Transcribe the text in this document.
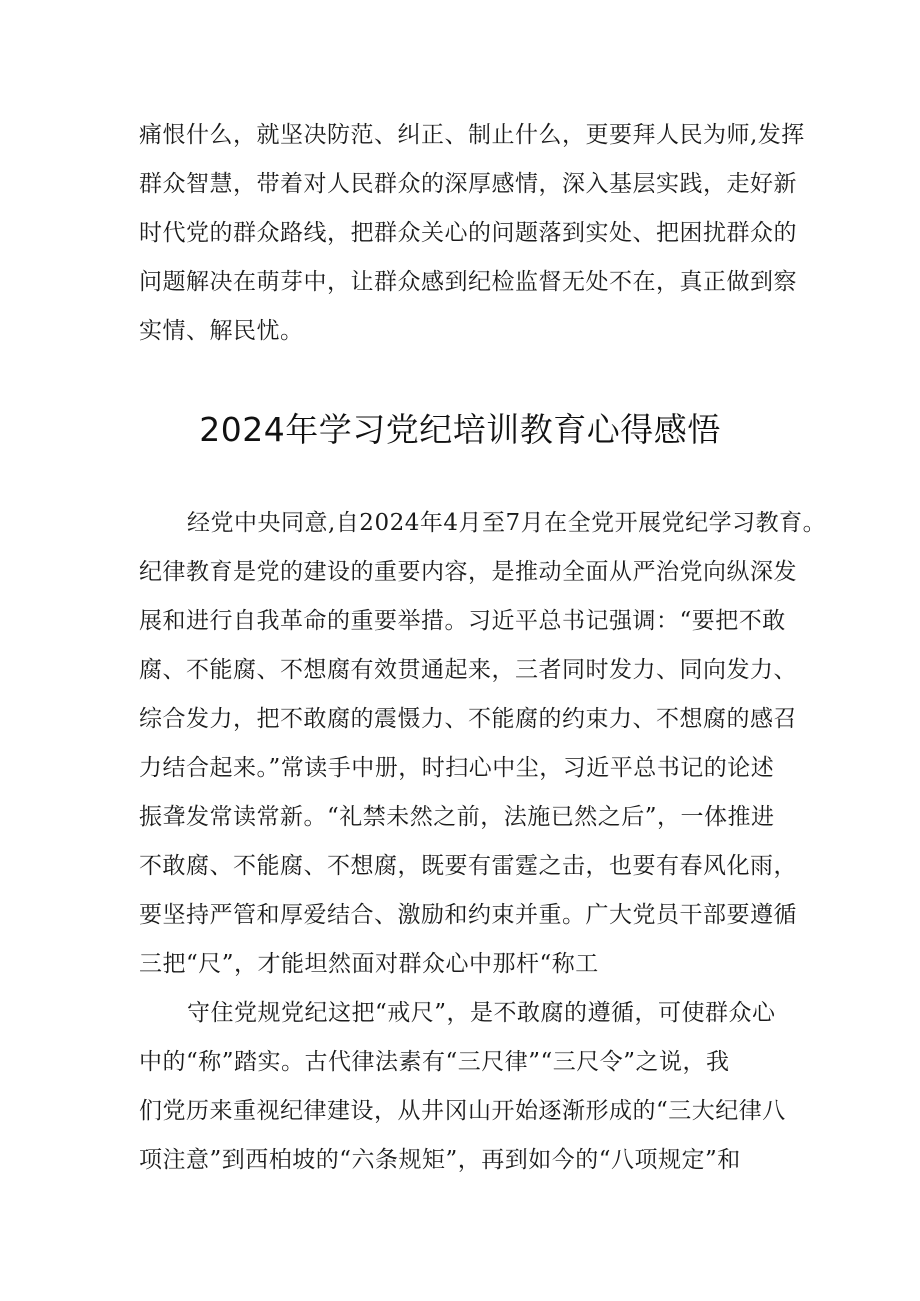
痛恨什么，就坚决防范、纠正、制止什么，更要拜人民为师,发挥
群众智慧，带着对人民群众的深厚感情，深入基层实践，走好新
时代党的群众路线，把群众关心的问题落到实处、把困扰群众的
问题解决在萌芽中，让群众感到纪检监督无处不在，真正做到察
实情、解民忧。

2024年学习党纪培训教育心得感悟

经党中央同意,自2024年4月至7月在全党开展党纪学习教育。
纪律教育是党的建设的重要内容，是推动全面从严治党向纵深发
展和进行自我革命的重要举措。习近平总书记强调：“要把不敢
腐、不能腐、不想腐有效贯通起来，三者同时发力、同向发力、
综合发力，把不敢腐的震慑力、不能腐的约束力、不想腐的感召
力结合起来。”常读手中册，时扫心中尘，习近平总书记的论述
振聋发常读常新。“礼禁未然之前，法施已然之后”，一体推进
不敢腐、不能腐、不想腐，既要有雷霆之击，也要有春风化雨，
要坚持严管和厚爱结合、激励和约束并重。广大党员干部要遵循
三把“尺”，才能坦然面对群众心中那杆“称工

守住党规党纪这把“戒尺”，是不敢腐的遵循，可使群众心
中的“称”踏实。古代律法素有“三尺律”“三尺令”之说，我
们党历来重视纪律建设，从井冈山开始逐渐形成的“三大纪律八
项注意”到西柏坡的“六条规矩”，再到如今的“八项规定”和
